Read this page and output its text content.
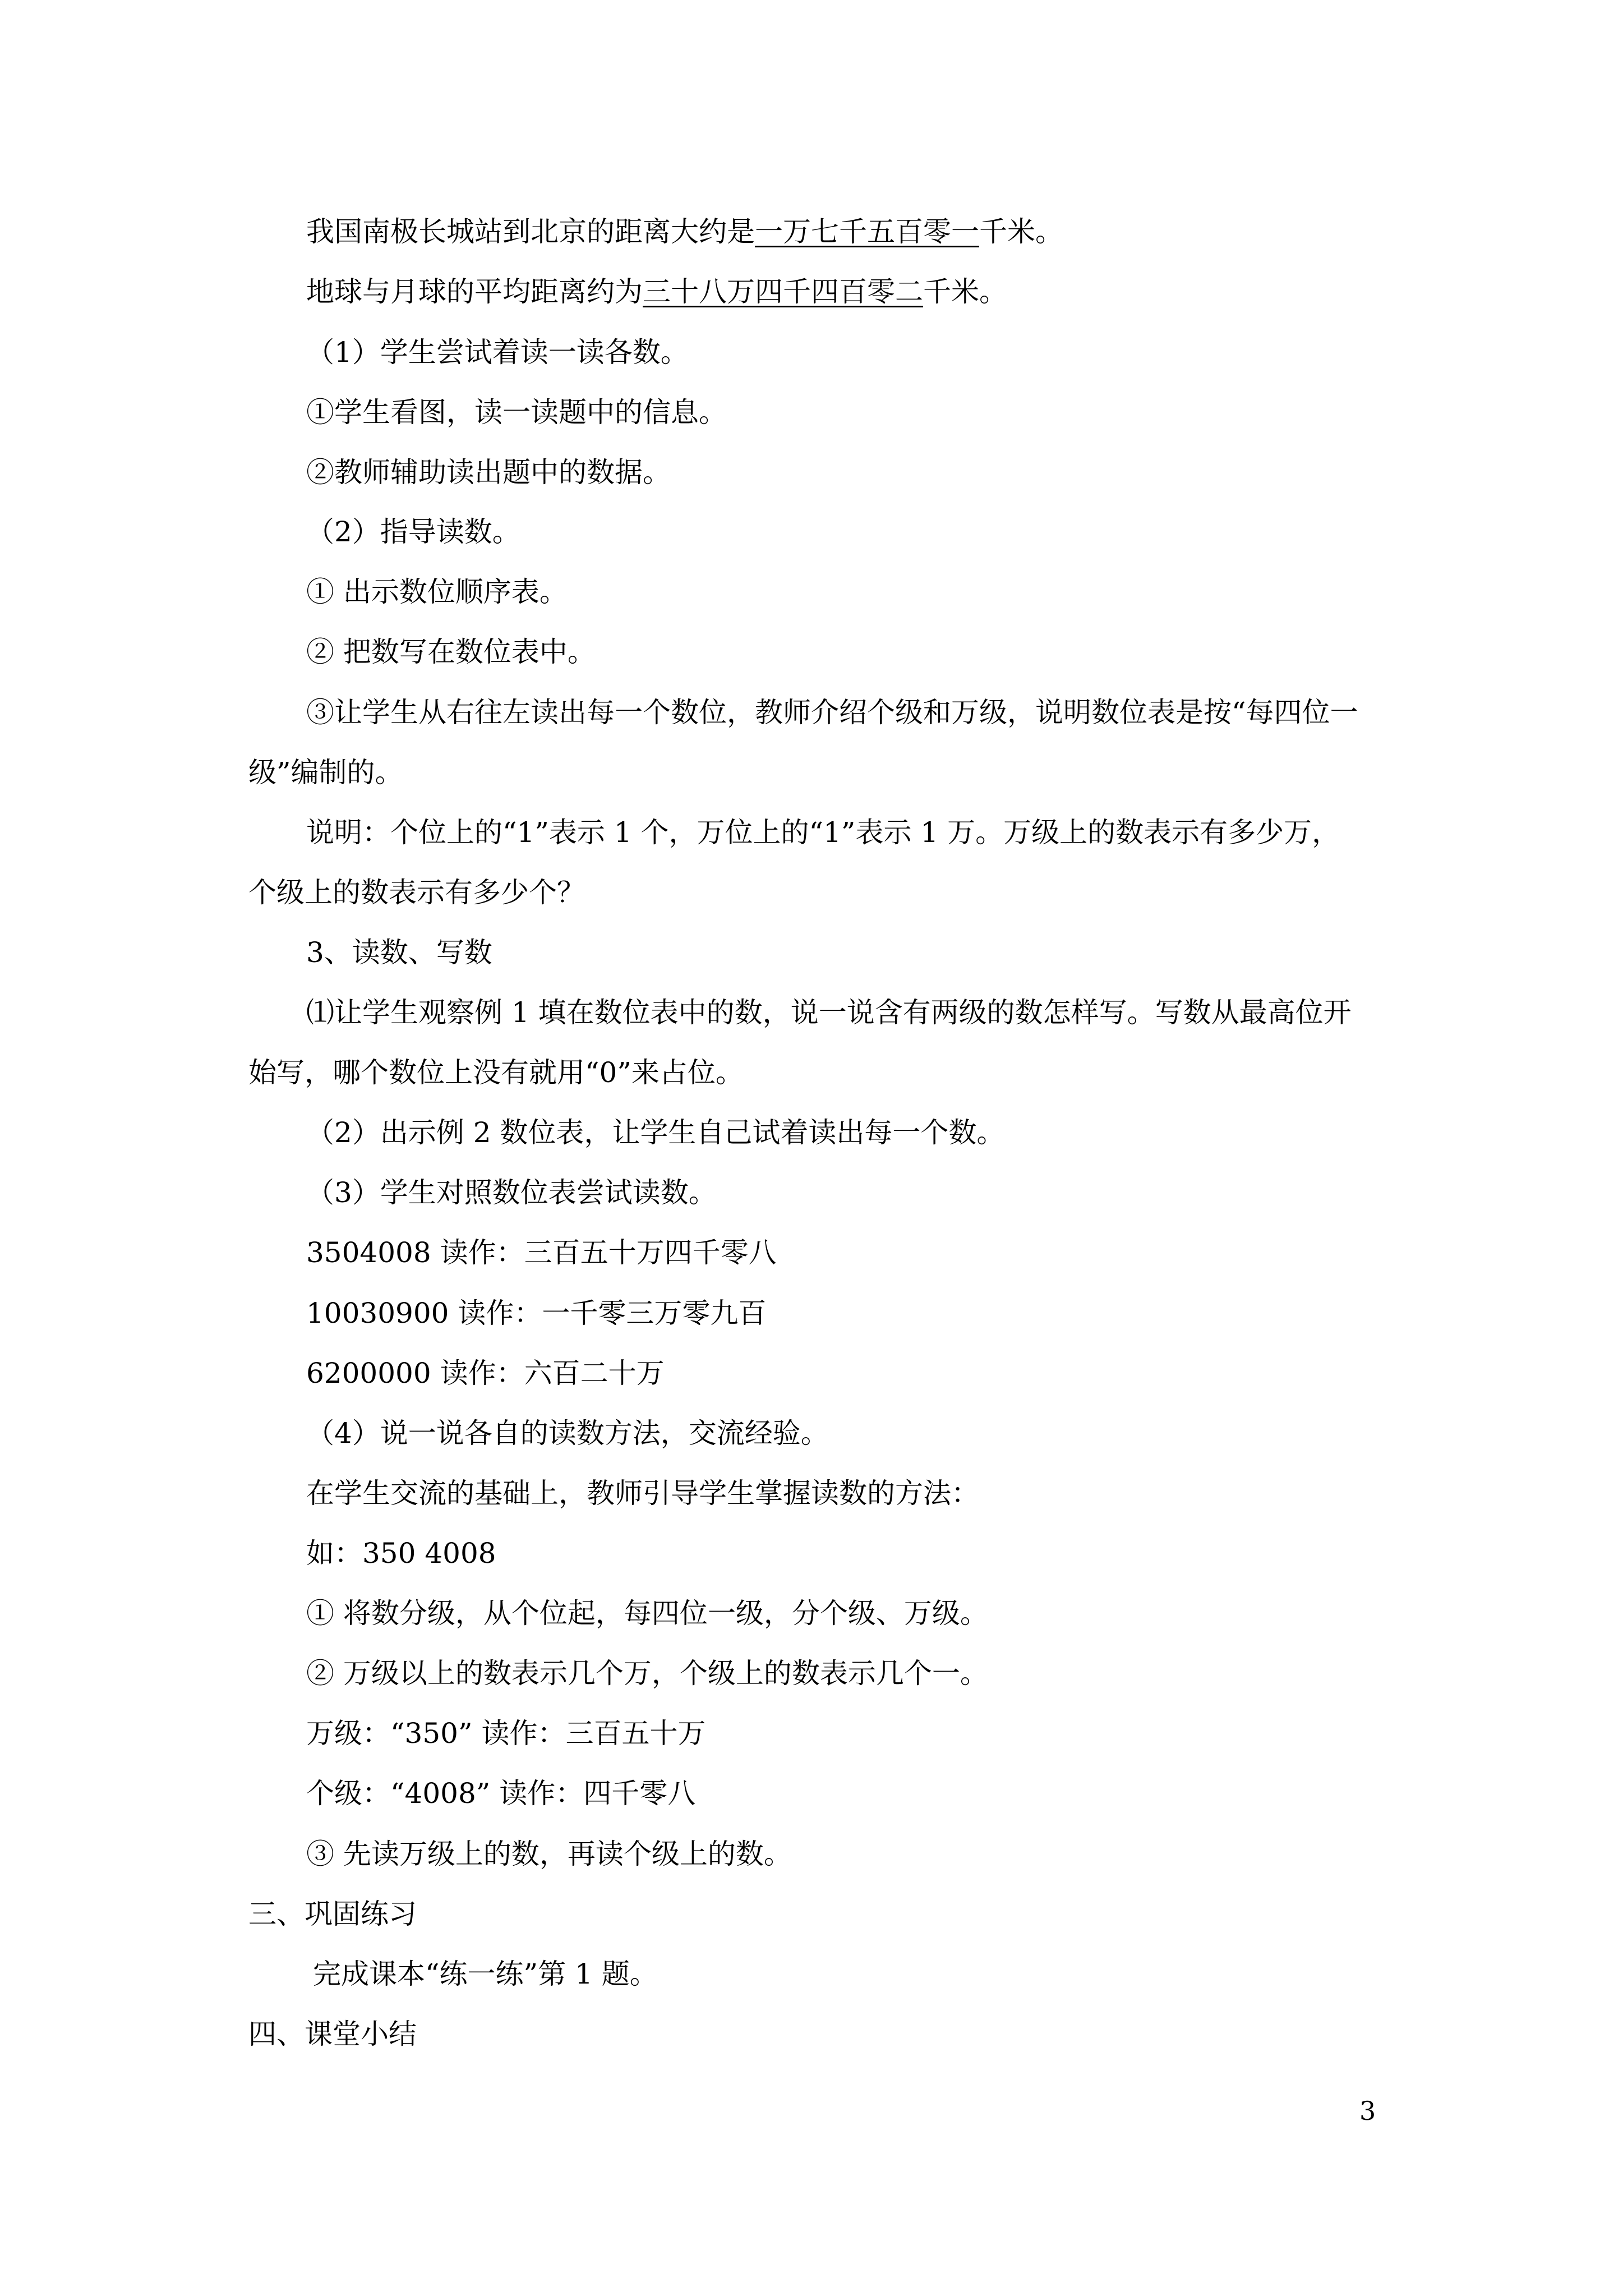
我国南极长城站到北京的距离大约是一万七千五百零一千米。
地球与月球的平均距离约为三十八万四千四百零二千米。
（1）学生尝试着读一读各数。
①学生看图，读一读题中的信息。
②教师辅助读出题中的数据。
（2）指导读数。
① 出示数位顺序表。
② 把数写在数位表中。
③让学生从右往左读出每一个数位，教师介绍个级和万级，说明数位表是按“每四位一
级”编制的。
说明：个位上的“1”表示 1 个，万位上的“1”表示 1 万。万级上的数表示有多少万，
个级上的数表示有多少个？
3、读数、写数
⑴让学生观察例 1 填在数位表中的数，说一说含有两级的数怎样写。写数从最高位开
始写，哪个数位上没有就用“0”来占位。
（2）出示例 2 数位表，让学生自己试着读出每一个数。
（3）学生对照数位表尝试读数。
3504008 读作：三百五十万四千零八
10030900 读作：一千零三万零九百
6200000 读作：六百二十万
（4）说一说各自的读数方法，交流经验。
在学生交流的基础上，教师引导学生掌握读数的方法：
如：350 4008
① 将数分级，从个位起，每四位一级，分个级、万级。
② 万级以上的数表示几个万，个级上的数表示几个一。
万级：“350” 读作：三百五十万
个级：“4008” 读作：四千零八
③ 先读万级上的数，再读个级上的数。
三、巩固练习
完成课本“练一练”第 1 题。
四、课堂小结
3
